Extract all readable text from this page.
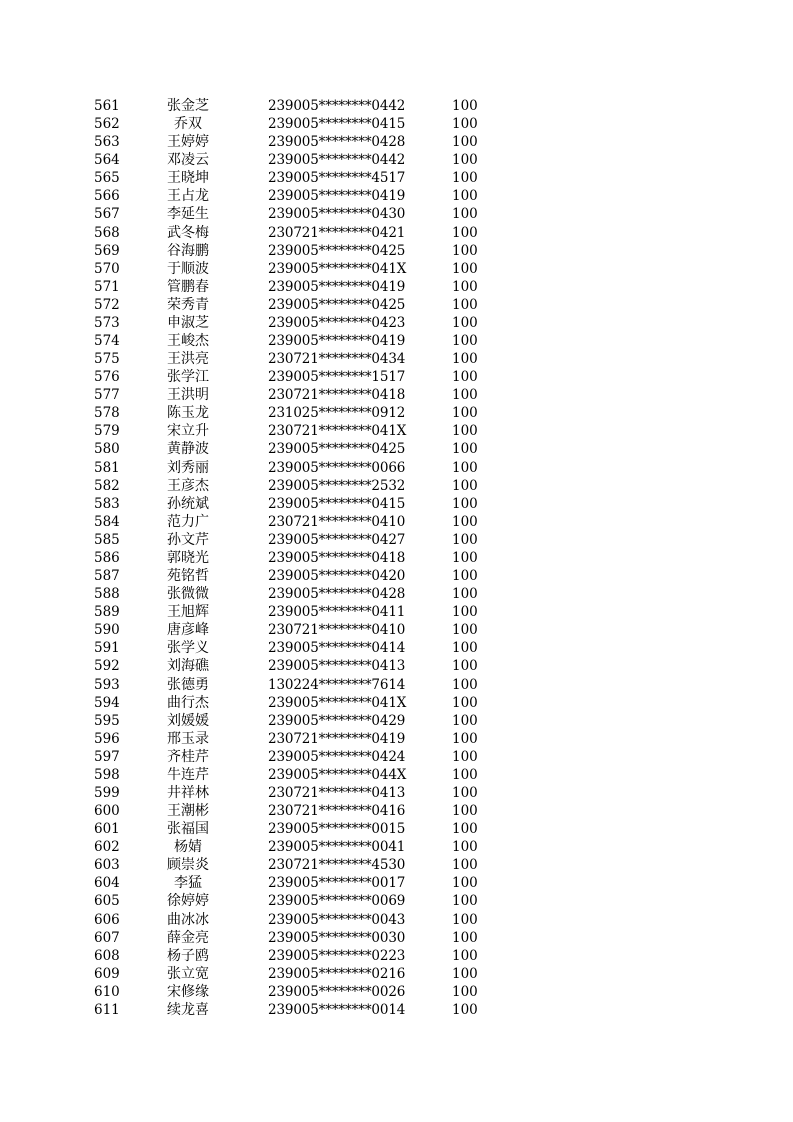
561	张金芝	239005********0442	100
562	乔双	239005********0415	100
563	王婷婷	239005********0428	100
564	邓凌云	239005********0442	100
565	王晓坤	239005********4517	100
566	王占龙	239005********0419	100
567	李延生	239005********0430	100
568	武冬梅	230721********0421	100
569	谷海鹏	239005********0425	100
570	于顺波	239005********041X	100
571	管鹏春	239005********0419	100
572	荣秀青	239005********0425	100
573	申淑芝	239005********0423	100
574	王峻杰	239005********0419	100
575	王洪亮	230721********0434	100
576	张学江	239005********1517	100
577	王洪明	230721********0418	100
578	陈玉龙	231025********0912	100
579	宋立升	230721********041X	100
580	黄静波	239005********0425	100
581	刘秀丽	239005********0066	100
582	王彦杰	239005********2532	100
583	孙统斌	239005********0415	100
584	范力广	230721********0410	100
585	孙文芹	239005********0427	100
586	郭晓光	239005********0418	100
587	苑铭哲	239005********0420	100
588	张微微	239005********0428	100
589	王旭辉	239005********0411	100
590	唐彦峰	230721********0410	100
591	张学义	239005********0414	100
592	刘海礁	239005********0413	100
593	张德勇	130224********7614	100
594	曲行杰	239005********041X	100
595	刘媛媛	239005********0429	100
596	邢玉录	230721********0419	100
597	齐桂芹	239005********0424	100
598	牛连芹	239005********044X	100
599	井祥林	230721********0413	100
600	王潮彬	230721********0416	100
601	张福国	239005********0015	100
602	杨婧	239005********0041	100
603	顾崇炎	230721********4530	100
604	李猛	239005********0017	100
605	徐婷婷	239005********0069	100
606	曲冰冰	239005********0043	100
607	薛金亮	239005********0030	100
608	杨子鸥	239005********0223	100
609	张立宽	239005********0216	100
610	宋修缘	239005********0026	100
611	续龙喜	239005********0014	100
